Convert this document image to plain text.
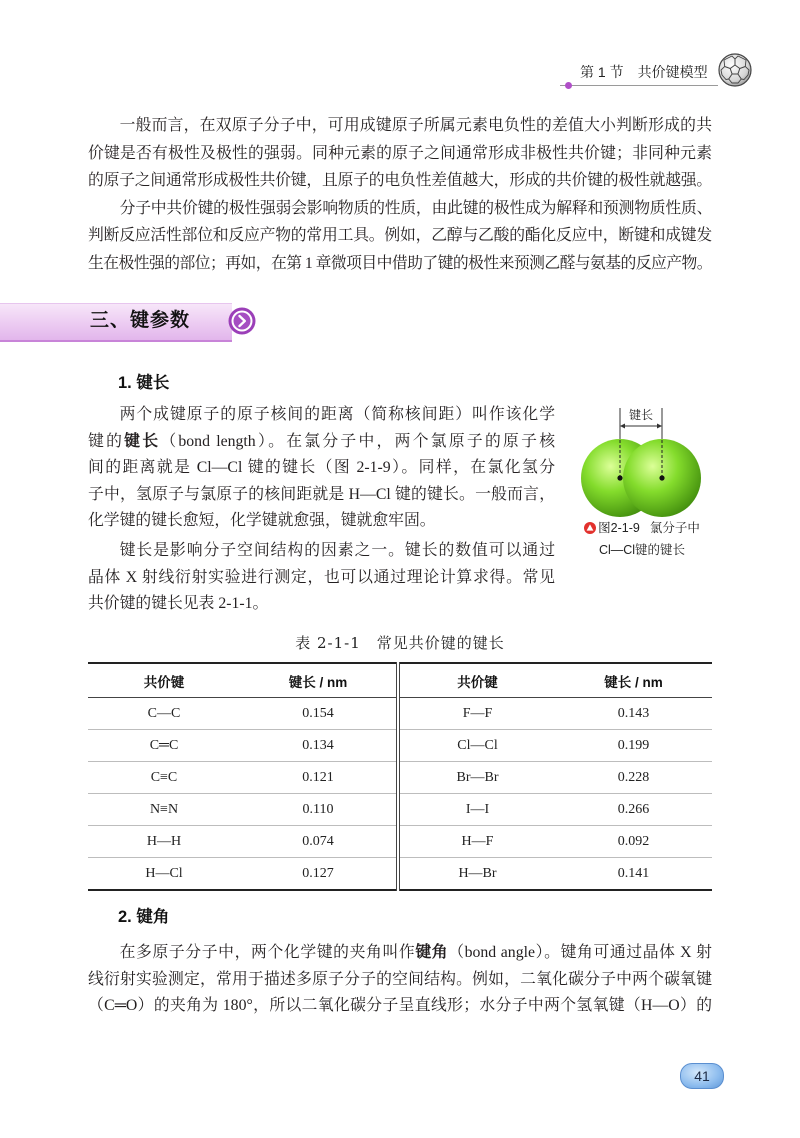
第 1 节 共价键模型
一般而言，在双原子分子中，可用成键原子所属元素电负性的差值大小判断形成的共
价键是否有极性及极性的强弱。同种元素的原子之间通常形成非极性共价键；非同种元素
的原子之间通常形成极性共价键，且原子的电负性差值越大，形成的共价键的极性就越强。
分子中共价键的极性强弱会影响物质的性质，由此键的极性成为解释和预测物质性质、
判断反应活性部位和反应产物的常用工具。例如，乙醇与乙酸的酯化反应中，断键和成键发
生在极性强的部位；再如，在第 1 章微项目中借助了键的极性来预测乙醛与氨基的反应产物。
三、键参数
1. 键长
两个成键原子的原子核间的距离（简称核间距）叫作该化学
键的键长（bond length）。在氯分子中，两个氯原子的原子核
间的距离就是 Cl—Cl 键的键长（图 2-1-9）。同样，在氯化氢分
子中，氢原子与氯原子的核间距就是 H—Cl 键的键长。一般而言，
化学键的键长愈短，化学键就愈强，键就愈牢固。
键长是影响分子空间结构的因素之一。键长的数值可以通过
晶体 X 射线衍射实验进行测定，也可以通过理论计算求得。常见
共价键的键长见表 2-1-1。
键长
图2-1-9 氯分子中
Cl—Cl键的键长
表 2-1-1　常见共价键的键长
共价键	键长 / nm	共价键	键长 / nm
C—C	0.154	F—F	0.143
C═C	0.134	Cl—Cl	0.199
C≡C	0.121	Br—Br	0.228
N≡N	0.110	I—I	0.266
H—H	0.074	H—F	0.092
H—Cl	0.127	H—Br	0.141
2. 键角
在多原子分子中，两个化学键的夹角叫作键角（bond angle）。键角可通过晶体 X 射
线衍射实验测定，常用于描述多原子分子的空间结构。例如，二氧化碳分子中两个碳氧键
（C═O）的夹角为 180°，所以二氧化碳分子呈直线形；水分子中两个氢氧键（H—O）的
41
